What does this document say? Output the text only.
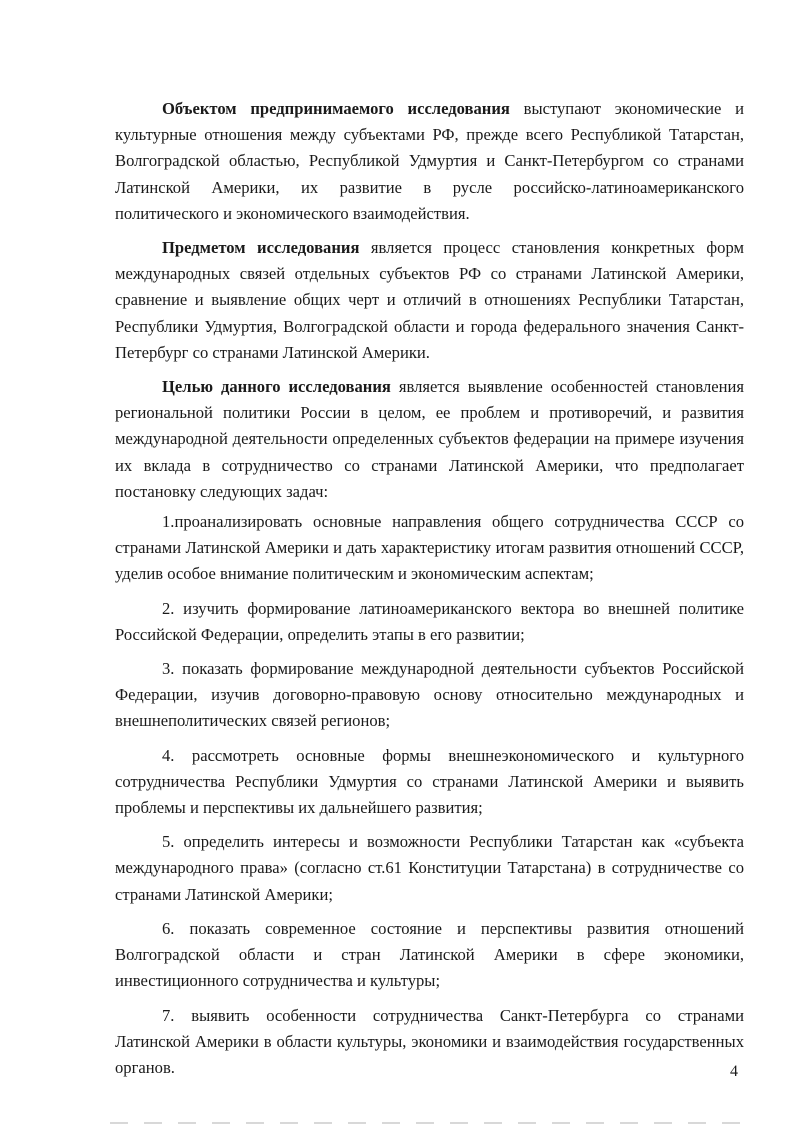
Объектом предпринимаемого исследования выступают экономические и культурные отношения между субъектами РФ, прежде всего Республикой Татарстан, Волгоградской областью, Республикой Удмуртия и Санкт-Петербургом со странами Латинской Америки, их развитие в русле российско-латиноамериканского политического и экономического взаимодействия.

Предметом исследования является процесс становления конкретных форм международных связей отдельных субъектов РФ со странами Латинской Америки, сравнение и выявление общих черт и отличий в отношениях Республики Татарстан, Республики Удмуртия, Волгоградской области и города федерального значения Санкт-Петербург со странами Латинской Америки.

Целью данного исследования является выявление особенностей становления региональной политики России в целом, ее проблем и противоречий, и развития международной деятельности определенных субъектов федерации на примере изучения их вклада в сотрудничество со странами Латинской Америки, что предполагает постановку следующих задач:

1.проанализировать основные направления общего сотрудничества СССР со странами Латинской Америки и дать характеристику итогам развития отношений СССР, уделив особое внимание политическим и экономическим аспектам;

2. изучить формирование латиноамериканского вектора во внешней политике Российской Федерации, определить этапы в его развитии;

3. показать формирование международной деятельности субъектов Российской Федерации, изучив договорно-правовую основу относительно международных и внешнеполитических связей регионов;

4. рассмотреть основные формы внешнеэкономического и культурного сотрудничества Республики Удмуртия со странами Латинской Америки и выявить проблемы и перспективы их дальнейшего развития;

5. определить интересы и возможности Республики Татарстан как «субъекта международного права» (согласно ст.61 Конституции Татарстана) в сотрудничестве со странами Латинской Америки;

6. показать современное состояние и перспективы развития отношений Волгоградской области и стран Латинской Америки в сфере экономики, инвестиционного сотрудничества и культуры;

7. выявить особенности сотрудничества Санкт-Петербурга со странами Латинской Америки в области культуры, экономики и взаимодействия государственных органов.	4
